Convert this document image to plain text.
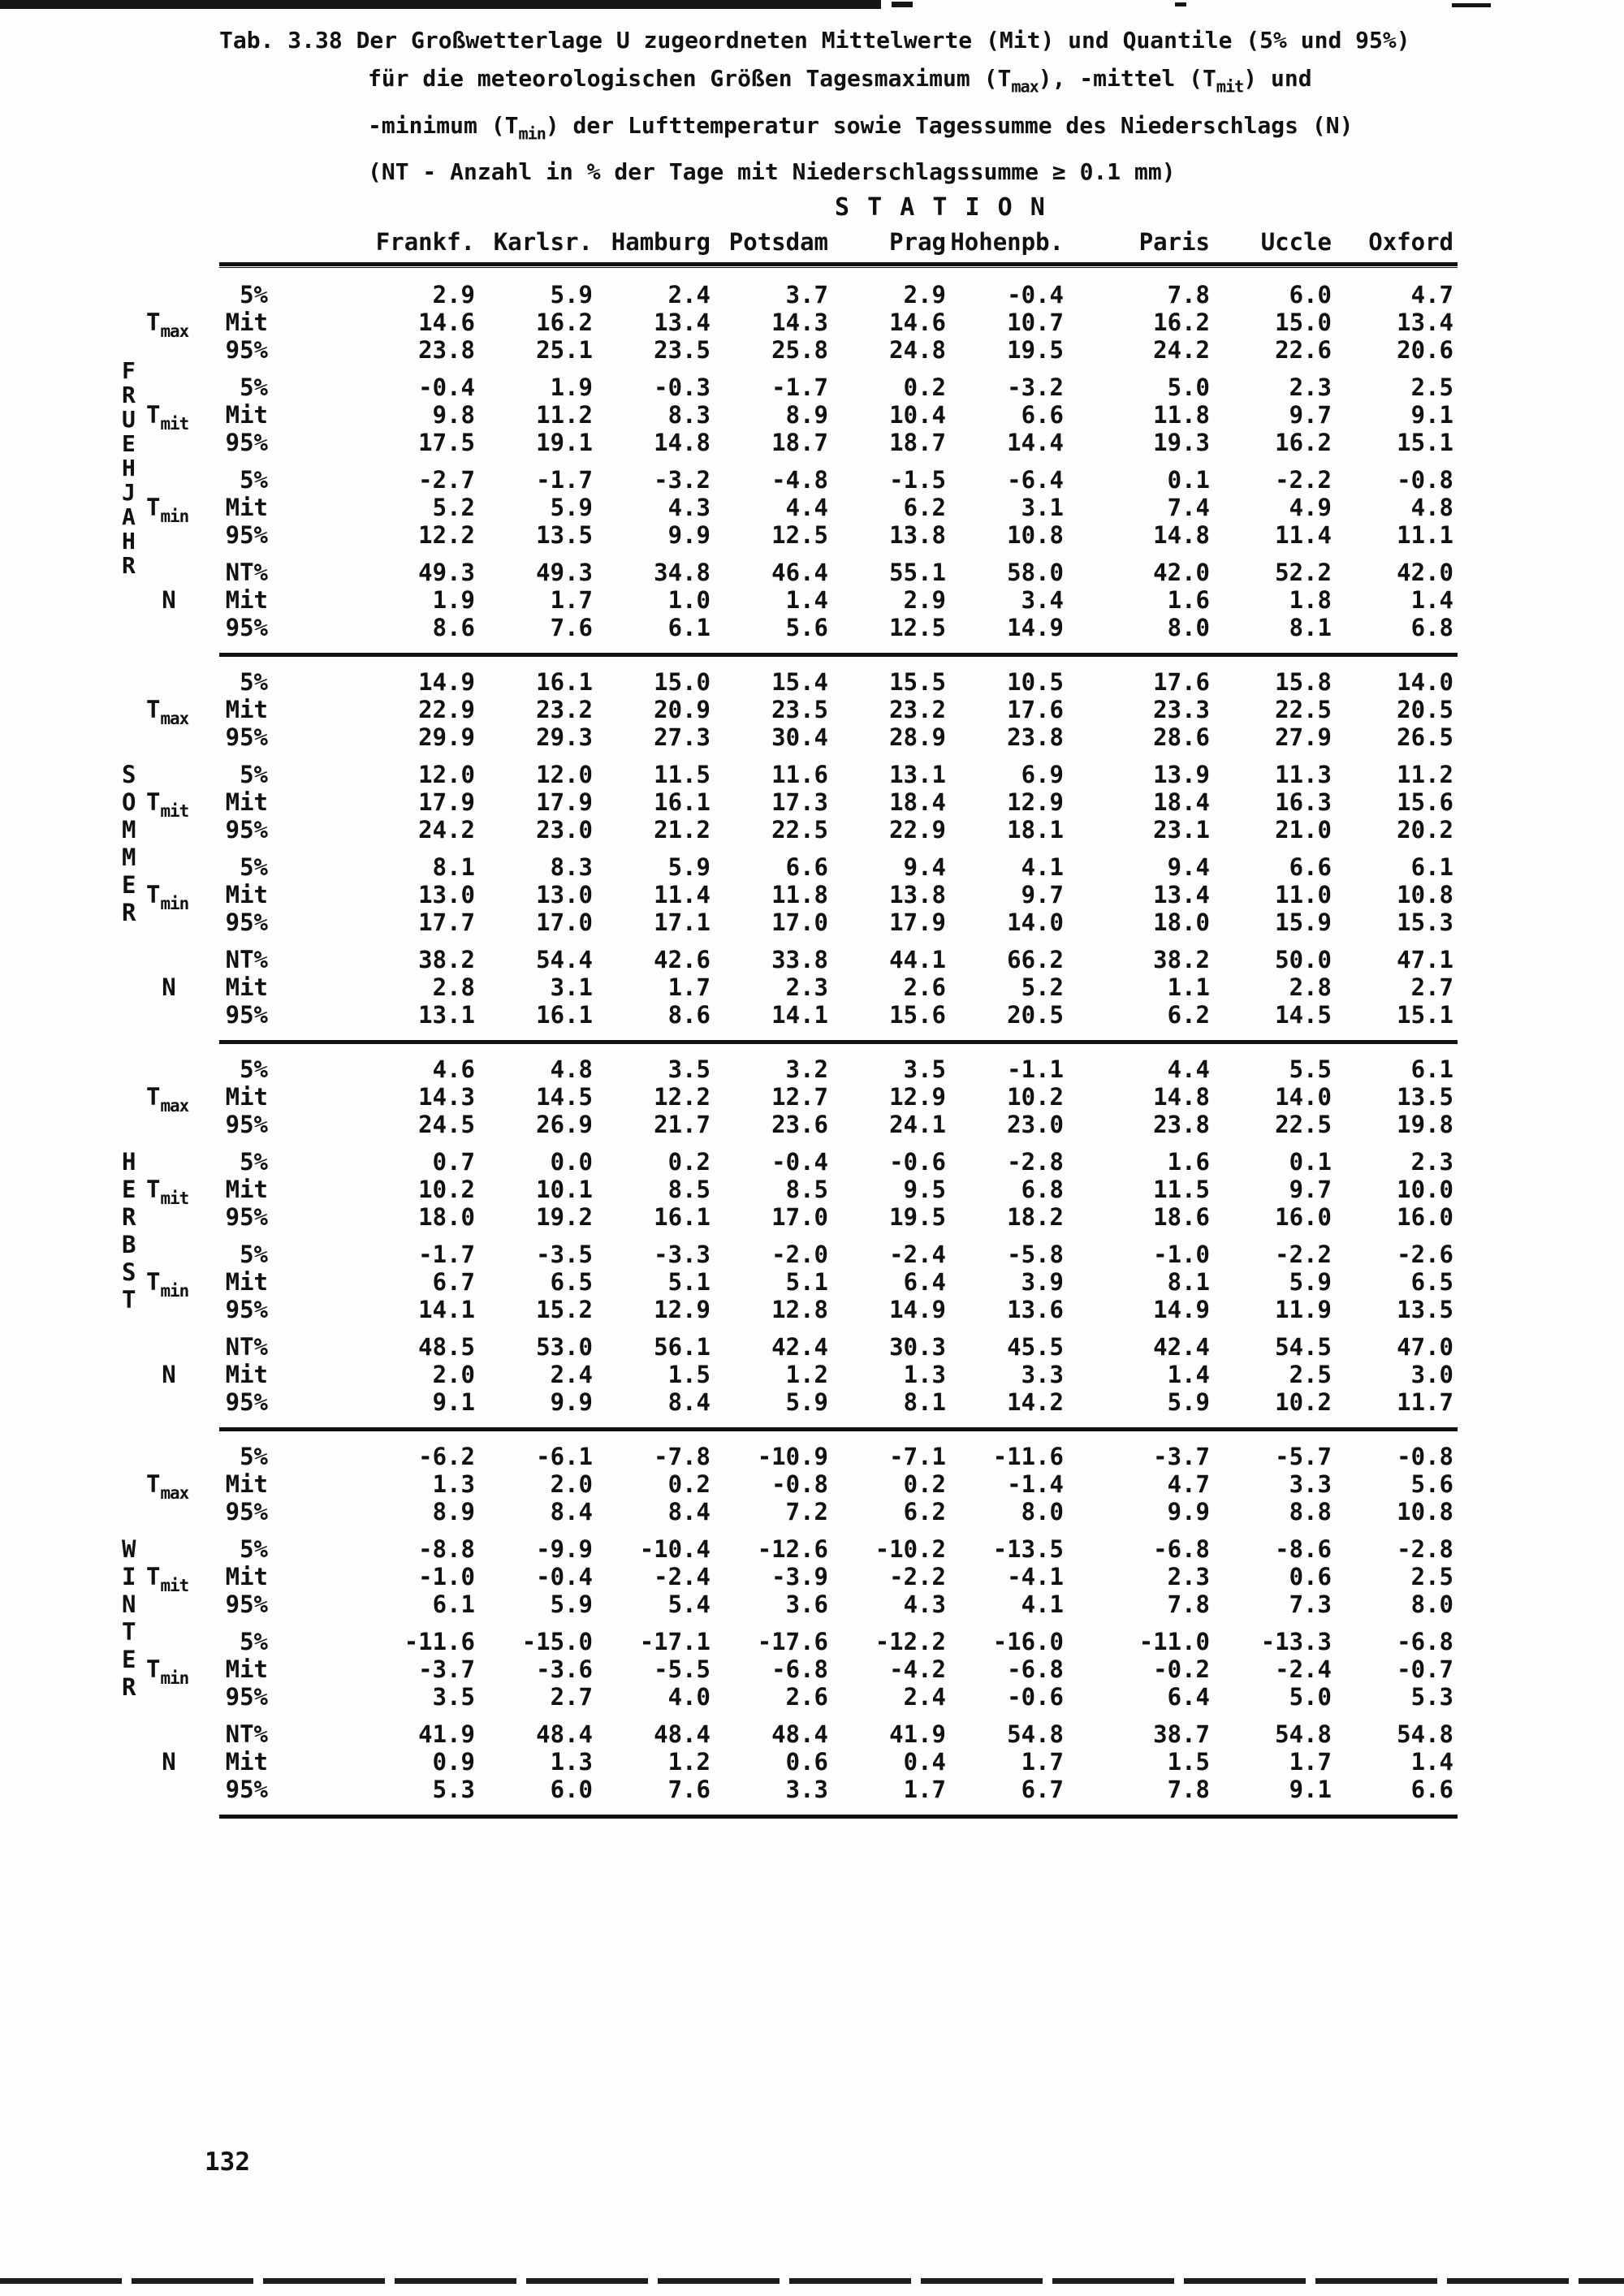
S T A T I O N
Frankf. Karlsr. Hamburg Potsdam	Prag Hohenpb.	Paris	Uccle	Oxford
F
R
U
E
H
J
A
H
R
5%	2.9	5.9	2.4	3.7	2.9	-0.4	7.8	6.0	4.7
$T_{max}$	Mit	14.6	16.2	13.4	14.3	14.6	10.7	16.2	15.0	13.4
95%	23.8	25.1	23.5	25.8	24.8	19.5	24.2	22.6	20.6
5%	-0.4	1.9	-0.3	-1.7	0.2	-3.2	5.0	2.3	2.5
$T_{mit}$	Mit	9.8	11.2	8.3	8.9	10.4	6.6	11.8	9.7	9.1
95%	17.5	19.1	14.8	18.7	18.7	14.4	19.3	16.2	15.1
5%	-2.7	-1.7	-3.2	-4.8	-1.5	-6.4	0.1	-2.2	-0.8
$T_{min}$	Mit	5.2	5.9	4.3	4.4	6.2	3.1	7.4	4.9	4.8
95%	12.2	13.5	9.9	12.5	13.8	10.8	14.8	11.4	11.1
NT%	49.3	49.3	34.8	46.4	55.1	58.0	42.0	52.2	42.0
N	Mit	1.9	1.7	1.0	1.4	2.9	3.4	1.6	1.8	1.4
95%	8.6	7.6	6.1	5.6	12.5	14.9	8.0	8.1	6.8
S
O
M
M
E
R
5%	14.9	16.1	15.0	15.4	15.5	10.5	17.6	15.8	14.0
$T_{max}$	Mit	22.9	23.2	20.9	23.5	23.2	17.6	23.3	22.5	20.5
95%	29.9	29.3	27.3	30.4	28.9	23.8	28.6	27.9	26.5
5%	12.0	12.0	11.5	11.6	13.1	6.9	13.9	11.3	11.2
$T_{mit}$	Mit	17.9	17.9	16.1	17.3	18.4	12.9	18.4	16.3	15.6
95%	24.2	23.0	21.2	22.5	22.9	18.1	23.1	21.0	20.2
5%	8.1	8.3	5.9	6.6	9.4	4.1	9.4	6.6	6.1
$T_{min}$	Mit	13.0	13.0	11.4	11.8	13.8	9.7	13.4	11.0	10.8
95%	17.7	17.0	17.1	17.0	17.9	14.0	18.0	15.9	15.3
NT%	38.2	54.4	42.6	33.8	44.1	66.2	38.2	50.0	47.1
N	Mit	2.8	3.1	1.7	2.3	2.6	5.2	1.1	2.8	2.7
95%	13.1	16.1	8.6	14.1	15.6	20.5	6.2	14.5	15.1
H
E
R
B
S
T
5%	4.6	4.8	3.5	3.2	3.5	-1.1	4.4	5.5	6.1
$T_{max}$	Mit	14.3	14.5	12.2	12.7	12.9	10.2	14.8	14.0	13.5
95%	24.5	26.9	21.7	23.6	24.1	23.0	23.8	22.5	19.8
5%	0.7	0.0	0.2	-0.4	-0.6	-2.8	1.6	0.1	2.3
$T_{mit}$	Mit	10.2	10.1	8.5	8.5	9.5	6.8	11.5	9.7	10.0
95%	18.0	19.2	16.1	17.0	19.5	18.2	18.6	16.0	16.0
5%	-1.7	-3.5	-3.3	-2.0	-2.4	-5.8	-1.0	-2.2	-2.6
$T_{min}$	Mit	6.7	6.5	5.1	5.1	6.4	3.9	8.1	5.9	6.5
95%	14.1	15.2	12.9	12.8	14.9	13.6	14.9	11.9	13.5
NT%	48.5	53.0	56.1	42.4	30.3	45.5	42.4	54.5	47.0
N	Mit	2.0	2.4	1.5	1.2	1.3	3.3	1.4	2.5	3.0
95%	9.1	9.9	8.4	5.9	8.1	14.2	5.9	10.2	11.7
W
I
N
T
E
R
5%	-6.2	-6.1	-7.8	-10.9	-7.1	-11.6	-3.7	-5.7	-0.8
$T_{max}$	Mit	1.3	2.0	0.2	-0.8	0.2	-1.4	4.7	3.3	5.6
95%	8.9	8.4	8.4	7.2	6.2	8.0	9.9	8.8	10.8
5%	-8.8	-9.9	-10.4	-12.6	-10.2	-13.5	-6.8	-8.6	-2.8
$T_{mit}$	Mit	-1.0	-0.4	-2.4	-3.9	-2.2	-4.1	2.3	0.6	2.5
95%	6.1	5.9	5.4	3.6	4.3	4.1	7.8	7.3	8.0
5%	-11.6	-15.0	-17.1	-17.6	-12.2	-16.0	-11.0	-13.3	-6.8
$T_{min}$	Mit	-3.7	-3.6	-5.5	-6.8	-4.2	-6.8	-0.2	-2.4	-0.7
95%	3.5	2.7	4.0	2.6	2.4	-0.6	6.4	5.0	5.3
NT%	41.9	48.4	48.4	48.4	41.9	54.8	38.7	54.8	54.8
N	Mit	0.9	1.3	1.2	0.6	0.4	1.7	1.5	1.7	1.4
95%	5.3	6.0	7.6	3.3	1.7	6.7	7.8	9.1	6.6
Tab. 3.38 Der Großwetterlage U zugeordneten Mittelwerte (Mit) und Quantile (5% und 95%)
für die meteorologischen Größen Tagesmaximum $(T_{max})$, -mittel $(T_{mit})$ und
-minimum $(T_{min})$ der Lufttemperatur sowie Tagessumme des Niederschlags (N)
(NT - Anzahl in % der Tage mit Niederschlagssumme ≥ 0.1 mm)
132
